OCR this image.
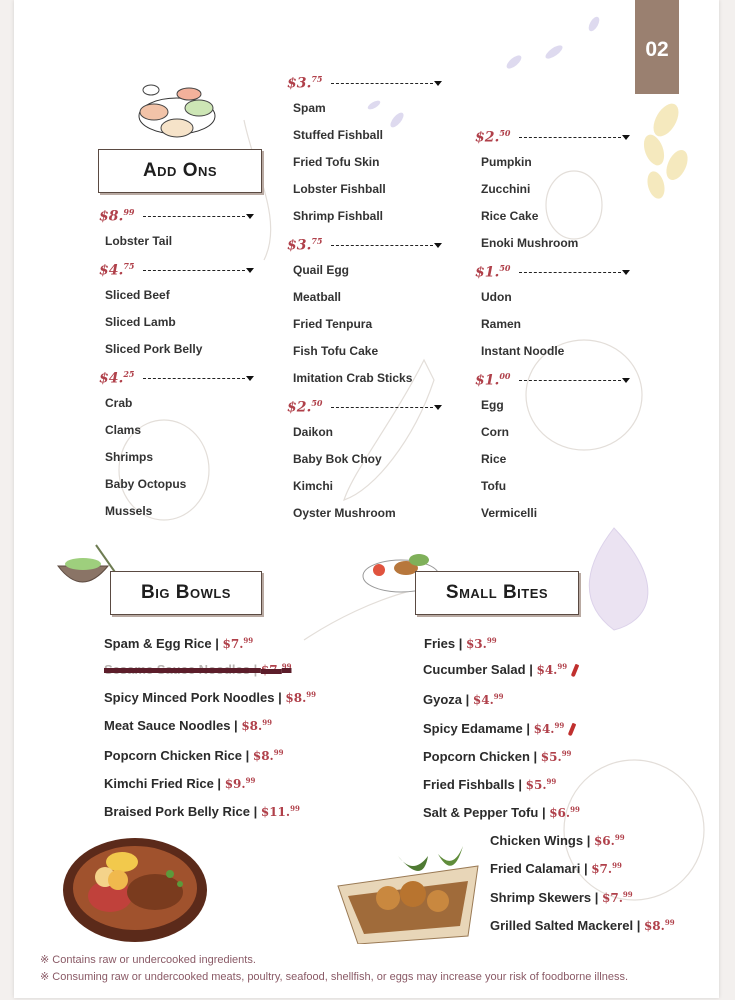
02
Add Ons
$8.99
Lobster Tail
$4.75
Sliced Beef
Sliced Lamb
Sliced Pork Belly
$4.25
Crab
Clams
Shrimps
Baby Octopus
Mussels
$3.75
Spam
Stuffed Fishball
Fried Tofu Skin
Lobster Fishball
Shrimp Fishball
$3.75
Quail Egg
Meatball
Fried Tenpura
Fish Tofu Cake
Imitation Crab Sticks
$2.50
Daikon
Baby Bok Choy
Kimchi
Oyster Mushroom
$2.50
Pumpkin
Zucchini
Rice Cake
Enoki Mushroom
$1.50
Udon
Ramen
Instant Noodle
$1.00
Egg
Corn
Rice
Tofu
Vermicelli
Big Bowls	Small Bites
Spam & Egg Rice | $7.99
Sesame Sauce Noodles | $7.99
Spicy Minced Pork Noodles | $8.99
Meat Sauce Noodles | $8.99
Popcorn Chicken Rice | $8.99
Kimchi Fried Rice | $9.99
Braised Pork Belly Rice | $11.99
Fries | $3.99
Cucumber Salad | $4.99
Gyoza | $4.99
Spicy Edamame | $4.99
Popcorn Chicken | $5.99
Fried Fishballs | $5.99
Salt & Pepper Tofu | $6.99
Chicken Wings | $6.99
Fried Calamari | $7.99
Shrimp Skewers | $7.99
Grilled Salted Mackerel | $8.99
※ Contains raw or undercooked ingredients.
※ Consuming raw or undercooked meats, poultry, seafood, shellfish, or eggs may increase your risk of foodborne illness.
